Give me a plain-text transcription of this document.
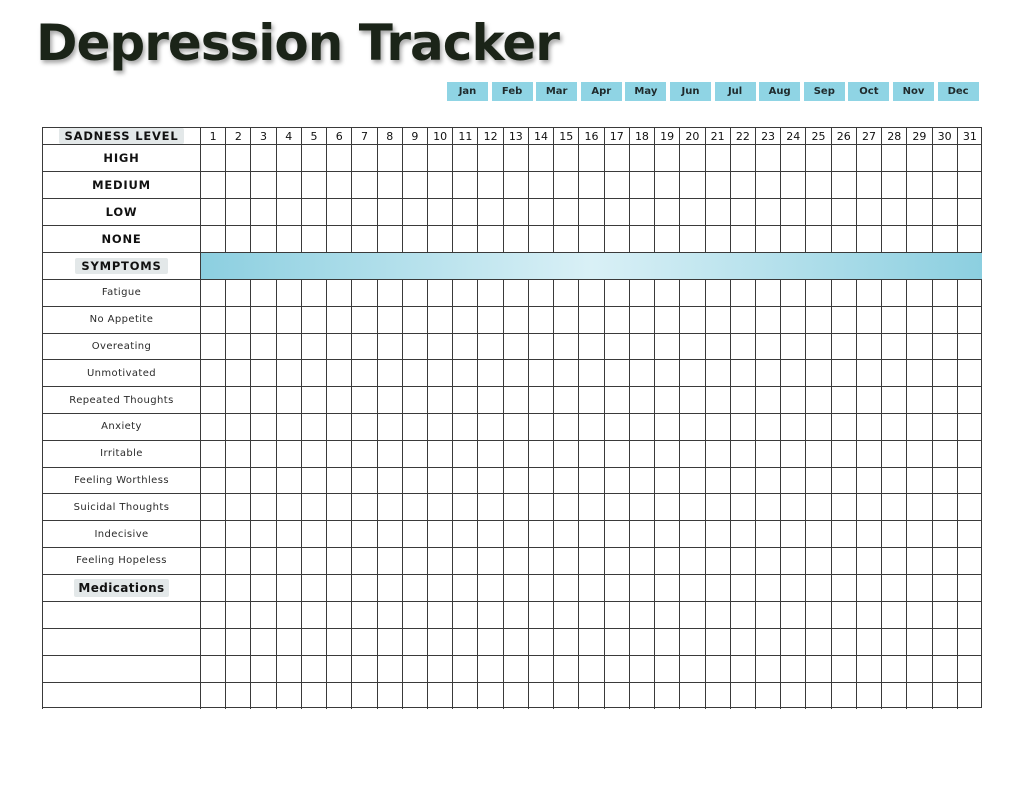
Depression Tracker
Jan	Feb	Mar	Apr	May	Jun	Jul	Aug	Sep	Oct	Nov	Dec
SADNESS LEVEL	1	2	3	4	5	6	7	8	9	10	11	12	13	14	15	16	17	18	19	20	21	22	23	24	25	26	27	28	29	30	31
HIGH
MEDIUM
LOW
NONE
SYMPTOMS
Fatigue
No Appetite
Overeating
Unmotivated
Repeated Thoughts
Anxiety
Irritable
Feeling Worthless
Suicidal Thoughts
Indecisive
Feeling Hopeless
Medications
